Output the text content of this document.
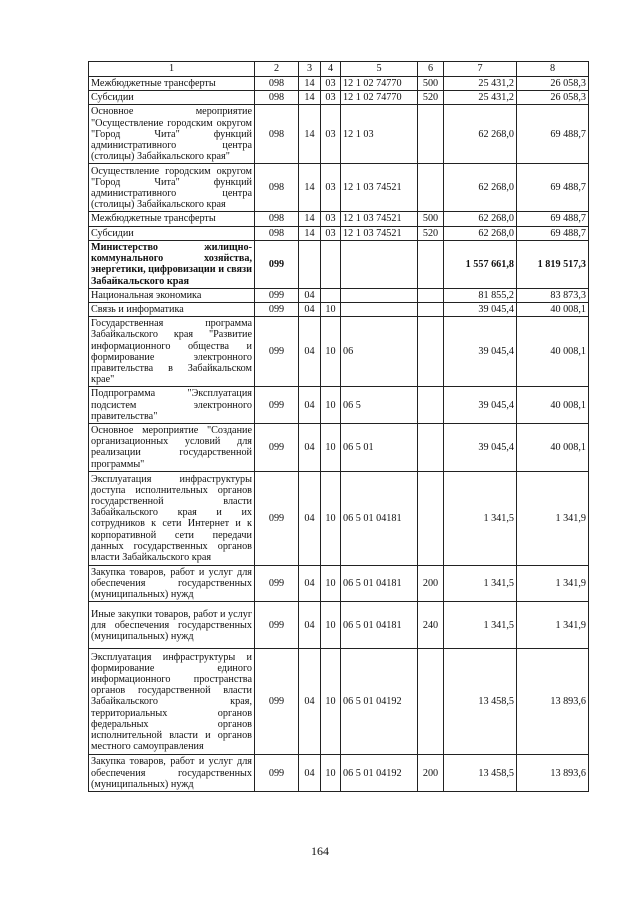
1	2	3	4	5	6	7	8
Межбюджетные трансферты	098	14	03	12 1 02 74770	500	25 431,2	26 058,3
Субсидии	098	14	03	12 1 02 74770	520	25 431,2	26 058,3
Основное мероприятие "Осуществление городским округом "Город Чита" функций административного центра (столицы) Забайкальского края"	098	14	03	12 1 03		62 268,0	69 488,7
Осуществление городским округом "Город Чита" функций административного центра (столицы) Забайкальского края	098	14	03	12 1 03 74521		62 268,0	69 488,7
Межбюджетные трансферты	098	14	03	12 1 03 74521	500	62 268,0	69 488,7
Субсидии	098	14	03	12 1 03 74521	520	62 268,0	69 488,7
Министерство жилищно-коммунального хозяйства, энергетики, цифровизации и связи Забайкальского края	099					1 557 661,8	1 819 517,3
Национальная экономика	099	04				81 855,2	83 873,3
Связь и информатика	099	04	10			39 045,4	40 008,1
Государственная программа Забайкальского края "Развитие информационного общества и формирование электронного правительства в Забайкальском крае"	099	04	10	06		39 045,4	40 008,1
Подпрограмма "Эксплуатация подсистем электронного правительства"	099	04	10	06 5		39 045,4	40 008,1
Основное мероприятие "Создание организационных условий для реализации государственной программы"	099	04	10	06 5 01		39 045,4	40 008,1
Эксплуатация инфраструктуры доступа исполнительных органов государственной власти Забайкальского края и их сотрудников к сети Интернет и к корпоративной сети передачи данных государственных органов власти Забайкальского края	099	04	10	06 5 01 04181		1 341,5	1 341,9
Закупка товаров, работ и услуг для обеспечения государственных (муниципальных) нужд	099	04	10	06 5 01 04181	200	1 341,5	1 341,9
Иные закупки товаров, работ и услуг для обеспечения государственных (муниципальных) нужд	099	04	10	06 5 01 04181	240	1 341,5	1 341,9
Эксплуатация инфраструктуры и формирование единого информационного пространства органов государственной власти Забайкальского края, территориальных органов федеральных органов исполнительной власти и органов местного самоуправления	099	04	10	06 5 01 04192		13 458,5	13 893,6
Закупка товаров, работ и услуг для обеспечения государственных (муниципальных) нужд	099	04	10	06 5 01 04192	200	13 458,5	13 893,6
164
